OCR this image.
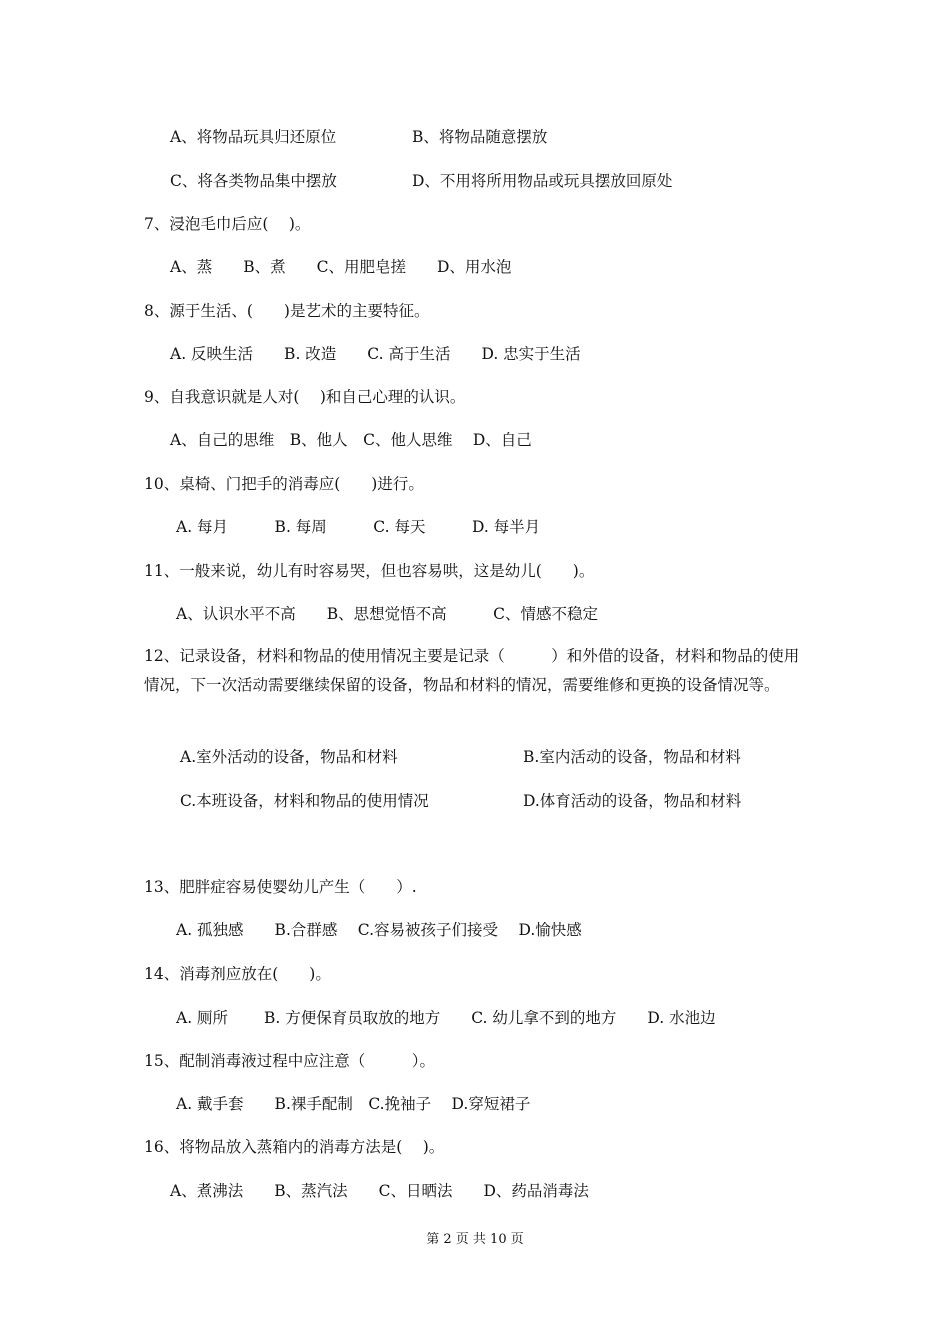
A、将物品玩具归还原位	B、将物品随意摆放
C、将各类物品集中摆放	D、不用将所用物品或玩具摆放回原处
7、浸泡毛巾后应(　 )。
A、蒸　　B、煮　　C、用肥皂搓　　D、用水泡
8、源于生活、(　　)是艺术的主要特征。
A. 反映生活　　B. 改造　　C. 高于生活　　D. 忠实于生活
9、自我意识就是人对(　 )和自己心理的认识。
A、自己的思维　B、他人　C、他人思维　 D、自己
10、桌椅、门把手的消毒应(　　)进行。
A. 每月　　　B. 每周　　　C. 每天　　　D. 每半月
11、一般来说，幼儿有时容易哭，但也容易哄，这是幼儿(　　)。
A、认识水平不高　　B、思想觉悟不高　　　C、情感不稳定
12、记录设备，材料和物品的使用情况主要是记录（　　　）和外借的设备，材料和物品的使用情况，下一次活动需要继续保留的设备，物品和材料的情况，需要维修和更换的设备情况等。
A.室外活动的设备，物品和材料	B.室内活动的设备，物品和材料
C.本班设备，材料和物品的使用情况	D.体育活动的设备，物品和材料
13、肥胖症容易使婴幼儿产生（　　）.
A. 孤独感　　B.合群感　 C.容易被孩子们接受　 D.愉快感
14、消毒剂应放在(　　)。
A. 厕所　　 B. 方便保育员取放的地方　　C. 幼儿拿不到的地方　　D. 水池边
15、配制消毒液过程中应注意（　　　）。
A. 戴手套　　B.裸手配制　C.挽袖子　 D.穿短裙子
16、将物品放入蒸箱内的消毒方法是(　 )。
A、煮沸法　　B、蒸汽法　　C、日晒法　　D、药品消毒法
第 2 页 共 10 页
